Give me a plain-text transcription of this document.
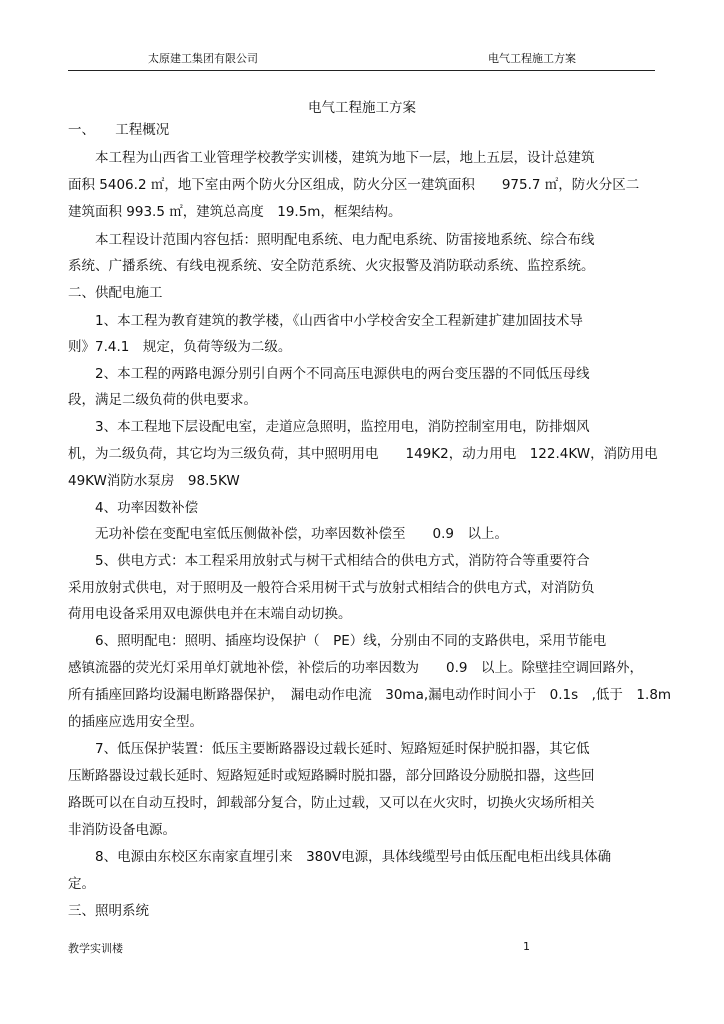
太原建工集团有限公司	电气工程施工方案
电气工程施工方案
一、　　工程概况
　　本工程为山西省工业管理学校教学实训楼，建筑为地下一层，地上五层，设计总建筑
面积 5406.2 ㎡，地下室由两个防火分区组成，防火分区一建筑面积　　975.7 ㎡，防火分区二
建筑面积 993.5 ㎡，建筑总高度　19.5m，框架结构。
　　本工程设计范围内容包括：照明配电系统、电力配电系统、防雷接地系统、综合布线
系统、广播系统、有线电视系统、安全防范系统、火灾报警及消防联动系统、监控系统。
二、供配电施工
　　1、本工程为教育建筑的教学楼，《山西省中小学校舍安全工程新建扩建加固技术导
则》7.4.1　规定，负荷等级为二级。
　　2、本工程的两路电源分别引自两个不同高压电源供电的两台变压器的不同低压母线
段，满足二级负荷的供电要求。
　　3、本工程地下层设配电室，走道应急照明，监控用电，消防控制室用电，防排烟风
机，为二级负荷，其它均为三级负荷，其中照明用电　　149K2，动力用电　122.4KW，消防用电
49KW消防水泵房　98.5KW
　　4、功率因数补偿
　　无功补偿在变配电室低压侧做补偿，功率因数补偿至　　0.9　以上。
　　5、供电方式：本工程采用放射式与树干式相结合的供电方式，消防符合等重要符合
采用放射式供电，对于照明及一般符合采用树干式与放射式相结合的供电方式，对消防负
荷用电设备采用双电源供电并在末端自动切换。
　　6、照明配电：照明、插座均设保护（　PE）线，分别由不同的支路供电，采用节能电
感镇流器的荧光灯采用单灯就地补偿，补偿后的功率因数为　　0.9　以上。除壁挂空调回路外，
所有插座回路均设漏电断路器保护，　漏电动作电流　30ma,漏电动作时间小于　0.1s　,低于　1.8m
的插座应选用安全型。
　　7、低压保护装置：低压主要断路器设过载长延时、短路短延时保护脱扣器，其它低
压断路器设过载长延时、短路短延时或短路瞬时脱扣器，部分回路设分励脱扣器，这些回
路既可以在自动互投时，卸载部分复合，防止过载，又可以在火灾时，切换火灾场所相关
非消防设备电源。
　　8、电源由东校区东南家直埋引来　380V电源，具体线缆型号由低压配电柜出线具体确
定。
三、照明系统
教学实训楼	1
